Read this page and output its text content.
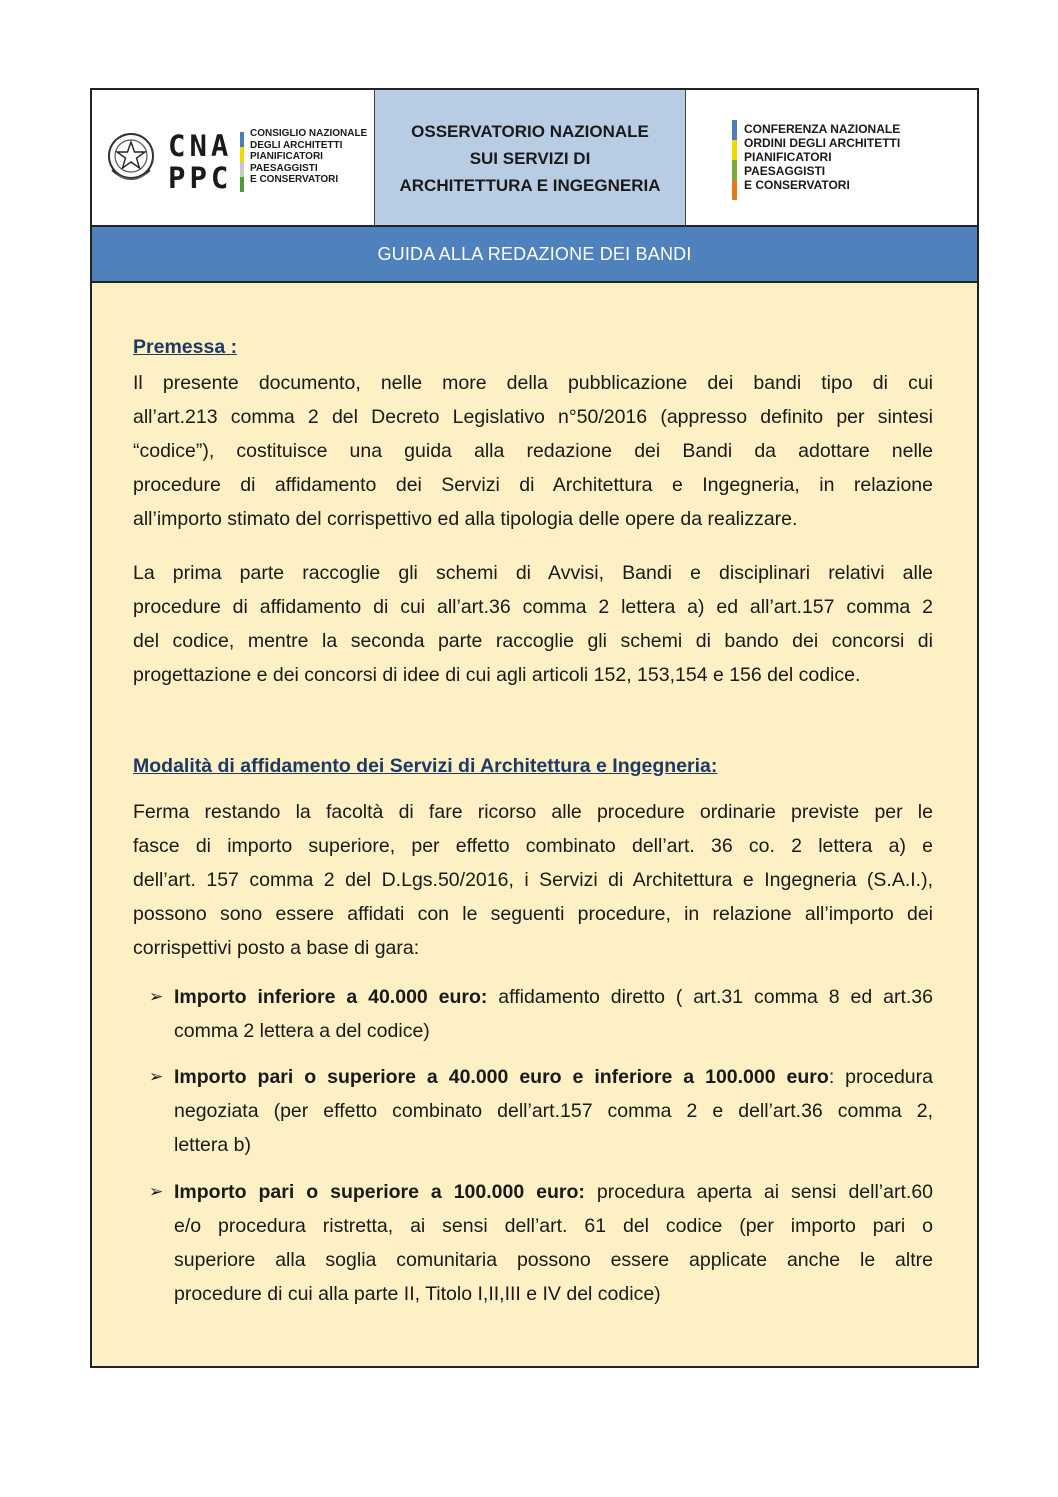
CNA
PPC
CONSIGLIO NAZIONALE
DEGLI ARCHITETTI
PIANIFICATORI
PAESAGGISTI
E CONSERVATORI
OSSERVATORIO NAZIONALE
SUI SERVIZI DI
ARCHITETTURA E INGEGNERIA
CONFERENZA NAZIONALE
ORDINI DEGLI ARCHITETTI
PIANIFICATORI
PAESAGGISTI
E CONSERVATORI
GUIDA ALLA REDAZIONE DEI BANDI

Premessa :

Il presente documento, nelle more della pubblicazione dei bandi tipo di cui
all’art.213 comma 2 del Decreto Legislativo n°50/2016 (appresso definito per sintesi
“codice”), costituisce una guida alla redazione dei Bandi da adottare nelle
procedure di affidamento dei Servizi di Architettura e Ingegneria, in relazione
all’importo stimato del corrispettivo ed alla tipologia delle opere da realizzare.
La prima parte raccoglie gli schemi di Avvisi, Bandi e disciplinari relativi alle
procedure di affidamento di cui all’art.36 comma 2 lettera a) ed all’art.157 comma 2
del codice, mentre la seconda parte raccoglie gli schemi di bando dei concorsi di
progettazione e dei concorsi di idee di cui agli articoli 152, 153,154 e 156 del codice.

Modalità di affidamento dei Servizi di Architettura e Ingegneria:

Ferma restando la facoltà di fare ricorso alle procedure ordinarie previste per le
fasce di importo superiore, per effetto combinato dell’art. 36 co. 2 lettera a) e
dell’art. 157 comma 2 del D.Lgs.50/2016, i Servizi di Architettura e Ingegneria (S.A.I.),
possono sono essere affidati con le seguenti procedure, in relazione all’importo dei
corrispettivi posto a base di gara:
➢ Importo inferiore a 40.000 euro: affidamento diretto ( art.31 comma 8 ed art.36
comma 2 lettera a del codice)
➢ Importo pari o superiore a 40.000 euro e inferiore a 100.000 euro: procedura
negoziata (per effetto combinato dell’art.157 comma 2 e dell’art.36 comma 2,
lettera b)
➢ Importo pari o superiore a 100.000 euro: procedura aperta ai sensi dell’art.60
e/o procedura ristretta, ai sensi dell’art. 61 del codice (per importo pari o
superiore alla soglia comunitaria possono essere applicate anche le altre
procedure di cui alla parte II, Titolo I,II,III e IV del codice)
